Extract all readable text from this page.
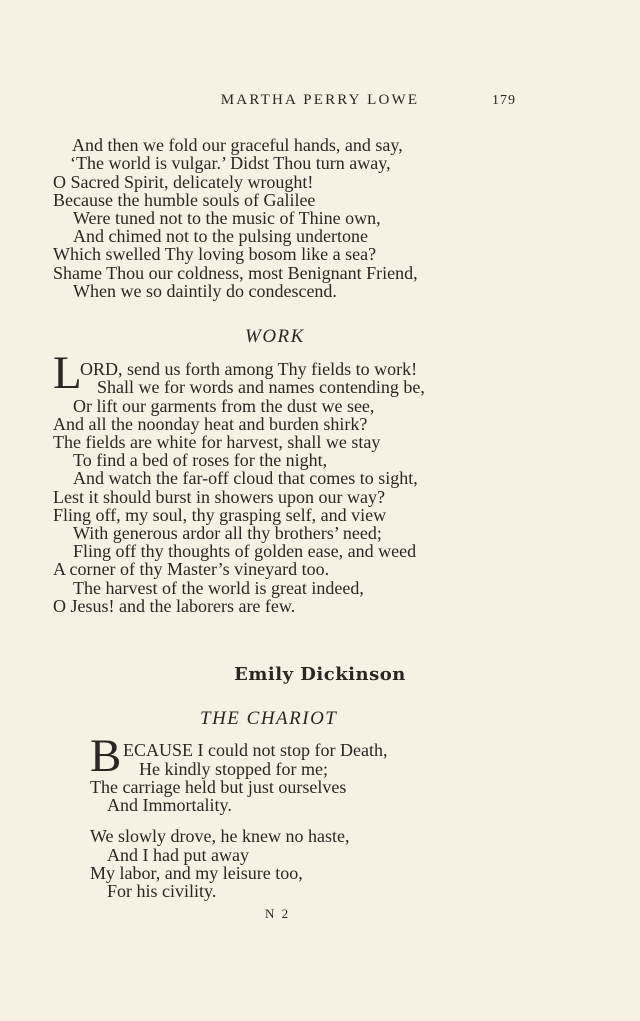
MARTHA PERRY LOWE	179
And then we fold our graceful hands, and say,
‘The world is vulgar.’ Didst Thou turn away,
O Sacred Spirit, delicately wrought!
Because the humble souls of Galilee
Were tuned not to the music of Thine own,
And chimed not to the pulsing undertone
Which swelled Thy loving bosom like a sea?
Shame Thou our coldness, most Benignant Friend,
When we so daintily do condescend.
WORK
L
ORD, send us forth among Thy fields to work!
Shall we for words and names contending be,
Or lift our garments from the dust we see,
And all the noonday heat and burden shirk?
The fields are white for harvest, shall we stay
To find a bed of roses for the night,
And watch the far-off cloud that comes to sight,
Lest it should burst in showers upon our way?
Fling off, my soul, thy grasping self, and view
With generous ardor all thy brothers’ need;
Fling off thy thoughts of golden ease, and weed
A corner of thy Master’s vineyard too.
The harvest of the world is great indeed,
O Jesus! and the laborers are few.
Emily Dickinson
THE CHARIOT
B ECAUSE I could not stop for Death,
He kindly stopped for me;
The carriage held but just ourselves
And Immortality.
We slowly drove, he knew no haste,
And I had put away
My labor, and my leisure too,
For his civility.
N 2
